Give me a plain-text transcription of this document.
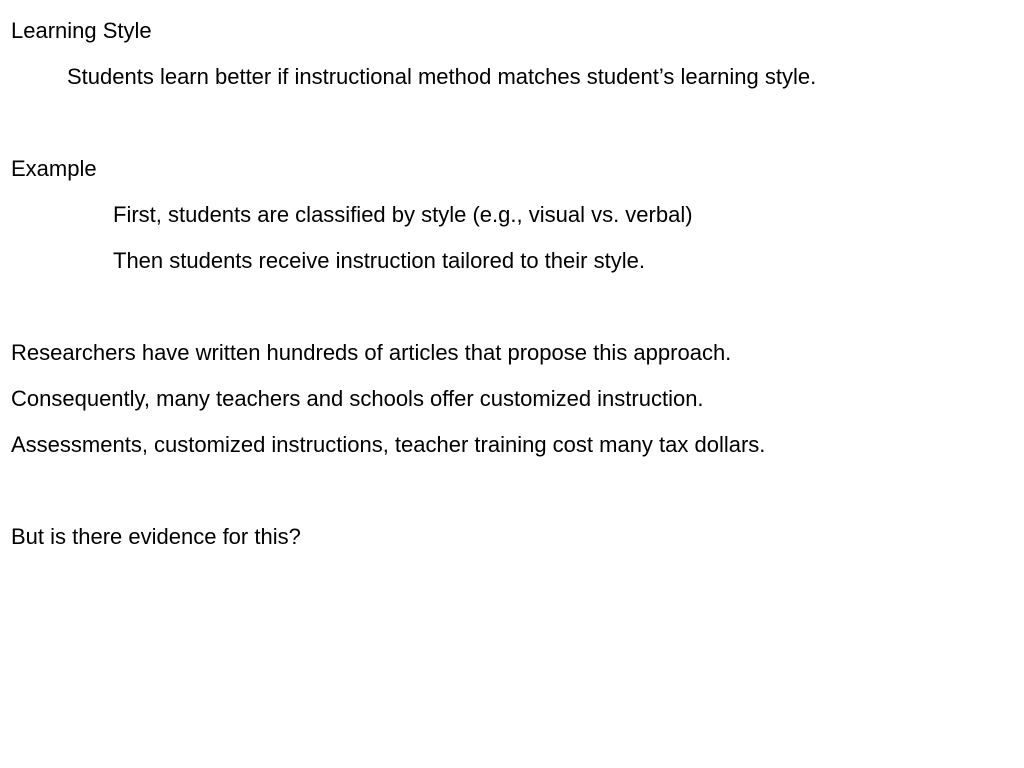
Learning Style
Students learn better if instructional method matches student’s learning style.
Example
First, students are classified by style (e.g., visual vs. verbal)
Then students receive instruction tailored to their style.
Researchers have written hundreds of articles that propose this approach.
Consequently, many teachers and schools offer customized instruction.
Assessments, customized instructions, teacher training cost many tax dollars.
But is there evidence for this?
